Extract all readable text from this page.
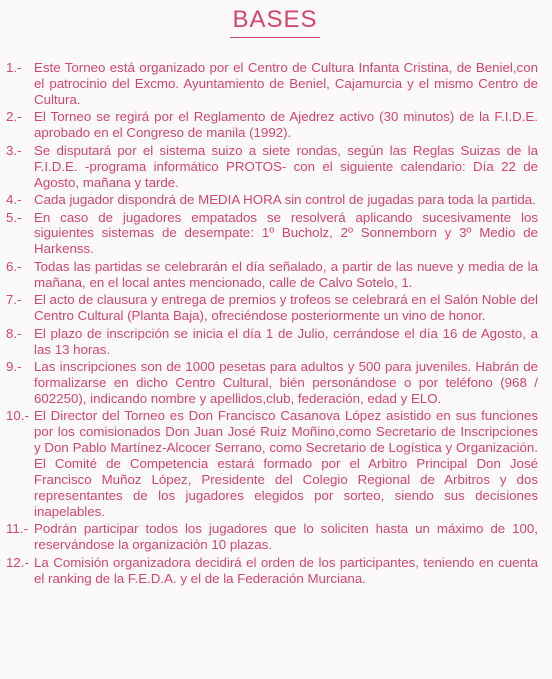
BASES
1.- Este Torneo está organizado por el Centro de Cultura Infanta Cristina, de Beniel,con el patrocinio del Excmo. Ayuntamiento de Beniel, Cajamurcia y el mismo Centro de Cultura.
2.- El Torneo se regirá por el Reglamento de Ajedrez activo (30 minutos) de la F.I.D.E. aprobado en el Congreso de manila (1992).
3.- Se disputará por el sistema suizo a siete rondas, según las Reglas Suizas de la F.I.D.E. -programa informático PROTOS- con el siguiente calendario: Día 22 de Agosto, mañana y tarde.
4.- Cada jugador dispondrá de MEDIA HORA sin control de jugadas para toda la partida.
5.- En caso de jugadores empatados se resolverá aplicando sucesivamente los siguientes sistemas de desempate: 1º Bucholz, 2º Sonnemborn y 3º Medio de Harkenss.
6.- Todas las partidas se celebrarán el día señalado, a partir de las nueve y media de la mañana, en el local antes mencionado, calle de Calvo Sotelo, 1.
7.- El acto de clausura y entrega de premios y trofeos se celebrará en el Salón Noble del Centro Cultural (Planta Baja), ofreciéndose posteriormente un vino de honor.
8.- El plazo de inscripción se inicia el día 1 de Julio, cerrándose el día 16 de Agosto, a las 13 horas.
9.- Las inscripciones son de 1000 pesetas para adultos y 500 para juveniles. Habrán de formalizarse en dicho Centro Cultural, bién personándose o por teléfono (968 / 602250), indicando nombre y apellidos,club, federación, edad y ELO.
10.- El Director del Torneo es Don Francisco Casanova López asistido en sus funciones por los comisionados Don Juan José Ruiz Moñino,como Secretario de Inscripciones y Don Pablo Martínez-Alcocer Serrano, como Secretario de Logística y Organización. El Comité de Competencia estará formado por el Arbitro Principal Don José Francisco Muñoz López, Presidente del Colegio Regional de Arbitros y dos representantes de los jugadores elegidos por sorteo, siendo sus decisiones inapelables.
11.- Podrán participar todos los jugadores que lo soliciten hasta un máximo de 100, reservándose la organización 10 plazas.
12.- La Comisión organizadora decidirá el orden de los participantes, teniendo en cuenta el ranking de la F.E.D.A. y el de la Federación Murciana.
